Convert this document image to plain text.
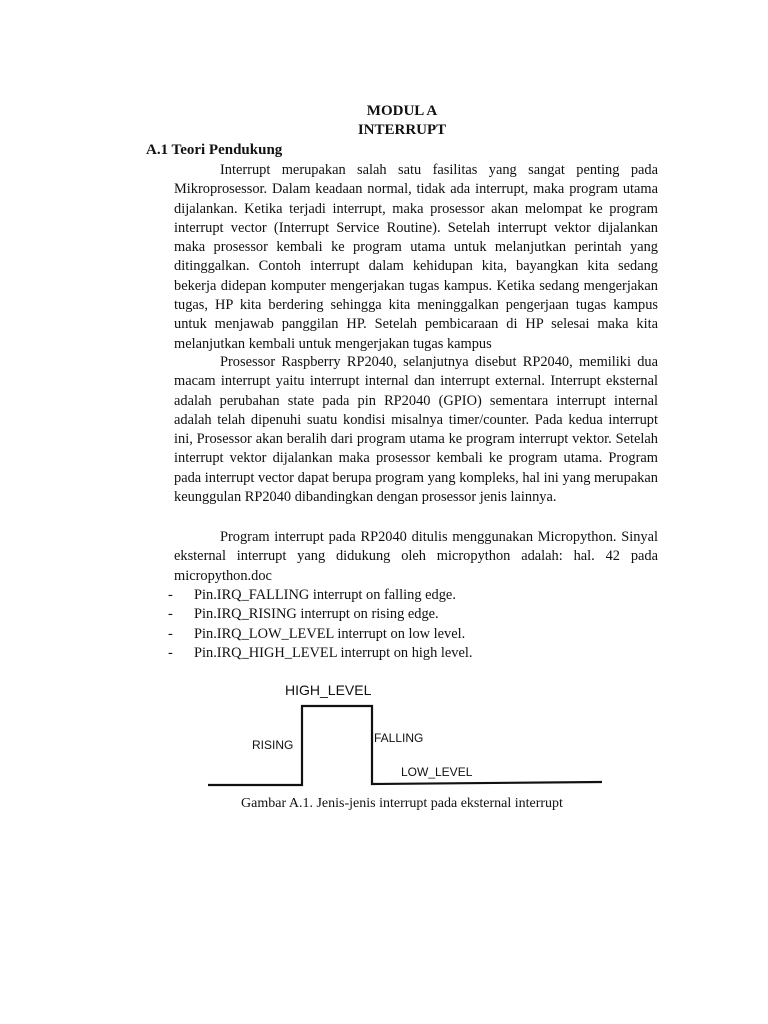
MODUL A
INTERRUPT
A.1 Teori Pendukung

Interrupt merupakan salah satu fasilitas yang sangat penting pada Mikroprosessor. Dalam keadaan normal, tidak ada interrupt, maka program utama dijalankan. Ketika terjadi interrupt, maka prosessor akan melompat ke program interrupt vector (Interrupt Service Routine). Setelah interrupt vektor dijalankan maka prosessor kembali ke program utama untuk melanjutkan perintah yang ditinggalkan. Contoh interrupt dalam kehidupan kita, bayangkan kita sedang bekerja didepan komputer mengerjakan tugas kampus. Ketika sedang mengerjakan tugas, HP kita berdering sehingga kita meninggalkan pengerjaan tugas kampus untuk menjawab panggilan HP. Setelah pembicaraan di HP selesai maka kita melanjutkan kembali untuk mengerjakan tugas kampus

Prosessor Raspberry RP2040, selanjutnya disebut RP2040, memiliki dua macam interrupt yaitu interrupt internal dan interrupt external. Interrupt eksternal adalah perubahan state pada pin RP2040 (GPIO) sementara interrupt internal adalah telah dipenuhi suatu kondisi misalnya timer/counter. Pada kedua interrupt ini, Prosessor akan beralih dari program utama ke program interrupt vektor. Setelah interrupt vektor dijalankan maka prosessor kembali ke program utama. Program pada interrupt vector dapat berupa program yang kompleks, hal ini yang merupakan keunggulan RP2040 dibandingkan dengan prosessor jenis lainnya.

Program interrupt pada RP2040 ditulis menggunakan Micropython. Sinyal eksternal interrupt yang didukung oleh micropython adalah: hal. 42 pada micropython.doc

- Pin.IRQ_FALLING interrupt on falling edge.
- Pin.IRQ_RISING interrupt on rising edge.
- Pin.IRQ_LOW_LEVEL interrupt on low level.
- Pin.IRQ_HIGH_LEVEL interrupt on high level.
HIGH_LEVEL
RISING	FALLING
LOW_LEVEL
Gambar A.1. Jenis-jenis interrupt pada eksternal interrupt
